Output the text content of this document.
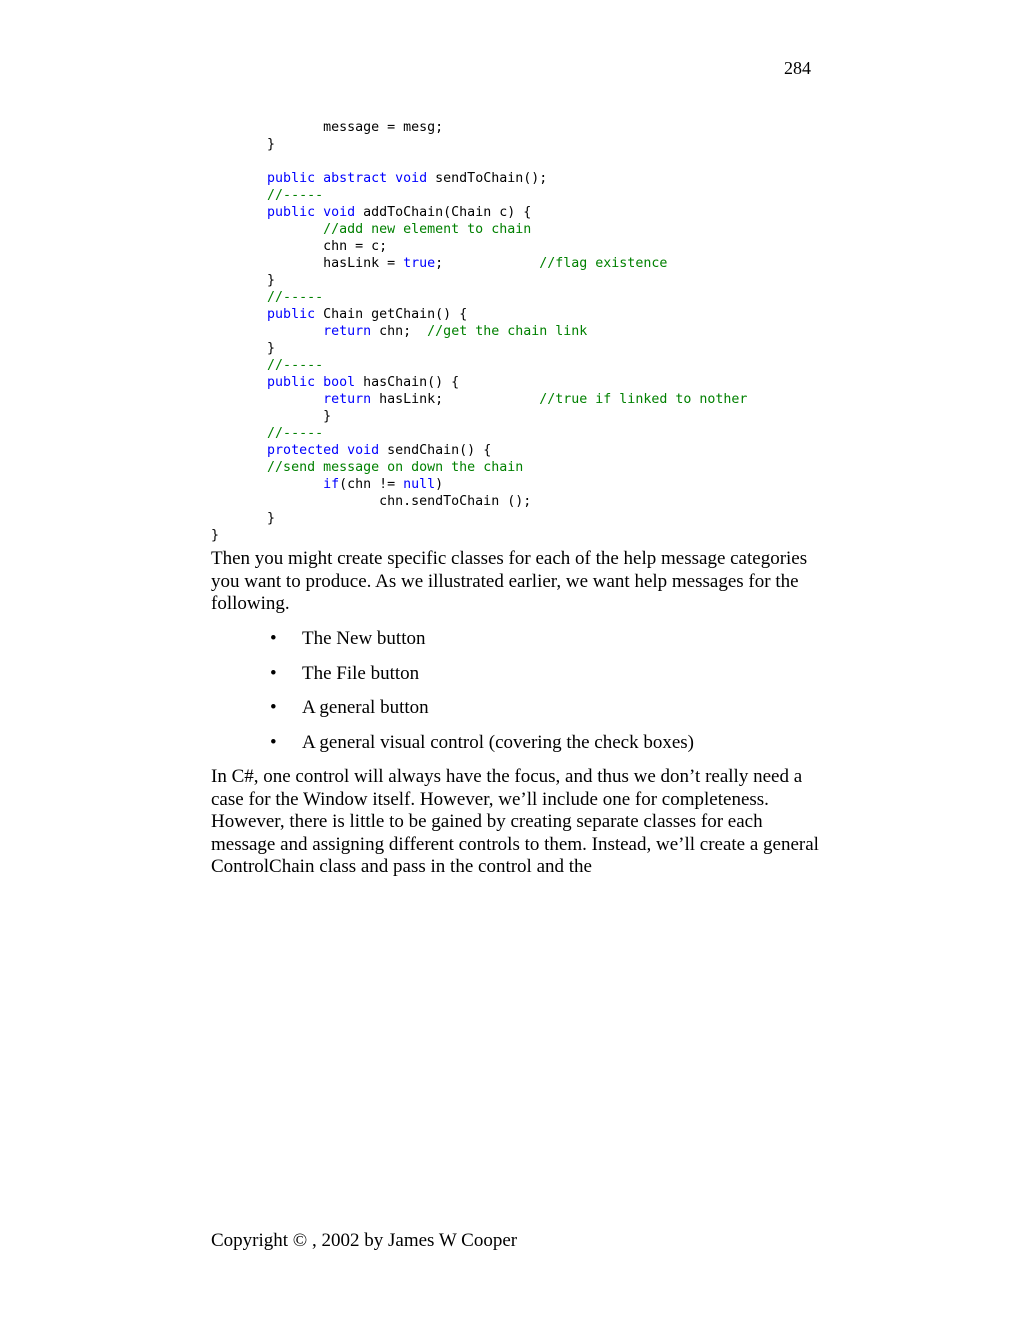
284
message = mesg;
}
public abstract void sendToChain();
//-----
public void addToChain(Chain c) {
//add new element to chain
chn = c;
hasLink = true;            //flag existence
}
//-----
public Chain getChain() {
return chn;  //get the chain link
}
//-----
public bool hasChain() {
return hasLink;            //true if linked to nother
}
//-----
protected void sendChain() {
//send message on down the chain
if(chn != null)
chn.sendToChain ();
}
}

Then you might create specific classes for each of the help message categories you want to produce. As we illustrated earlier, we want help messages for the following.

• The New button
• The File button
• A general button
• A general visual control (covering the check boxes)

In C#, one control will always have the focus, and thus we don’t really need a case for the Window itself. However, we’ll include one for completeness. However, there is little to be gained by creating separate classes for each message and assigning different controls to them. Instead, we’ll create a general ControlChain class and pass in the control and the

Copyright © , 2002 by James W Cooper
